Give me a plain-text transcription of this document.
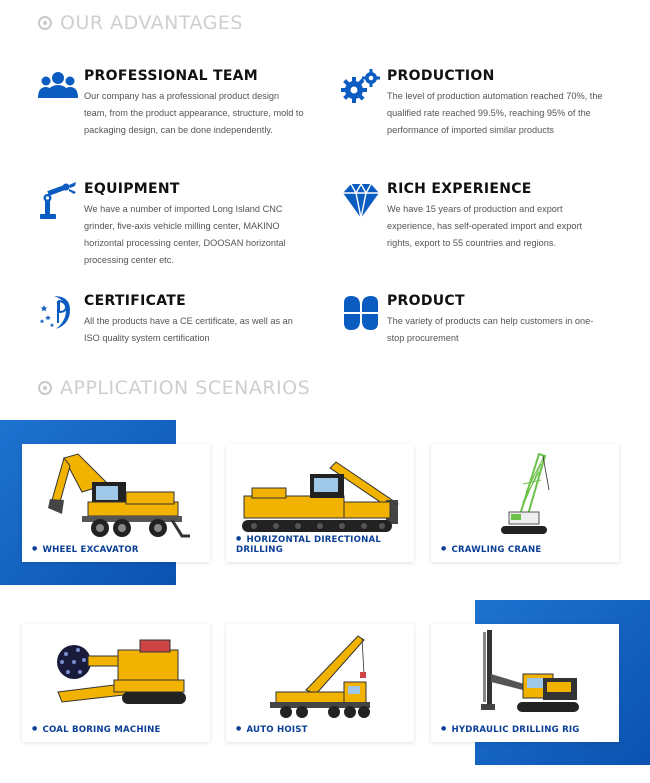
OUR ADVANTAGES
PROFESSIONAL TEAM
Our company has a professional product design team, from the product appearance, structure, mold to packaging design, can be done independently.
PRODUCTION
The level of production automation reached 70%, the qualified rate reached 99.5%, reaching 95% of the performance of imported similar products
EQUIPMENT
We have a number of imported Long Island CNC grinder, five-axis vehicle milling center, MAKINO horizontal processing center, DOOSAN horizontal processing center etc.
RICH EXPERIENCE
We have 15 years of production and export experience, has self-operated import and export rights, export to 55 countries and regions.
CERTIFICATE
All the products have a CE certificate, as well as an ISO quality system certification
PRODUCT
The variety of products can help customers in one-stop procurement
APPLICATION SCENARIOS
● WHEEL EXCAVATOR
● HORIZONTAL DIRECTIONAL DRILLING	● CRAWLING CRANE
● COAL BORING MACHINE	● AUTO HOIST	● HYDRAULIC DRILLING RIG
